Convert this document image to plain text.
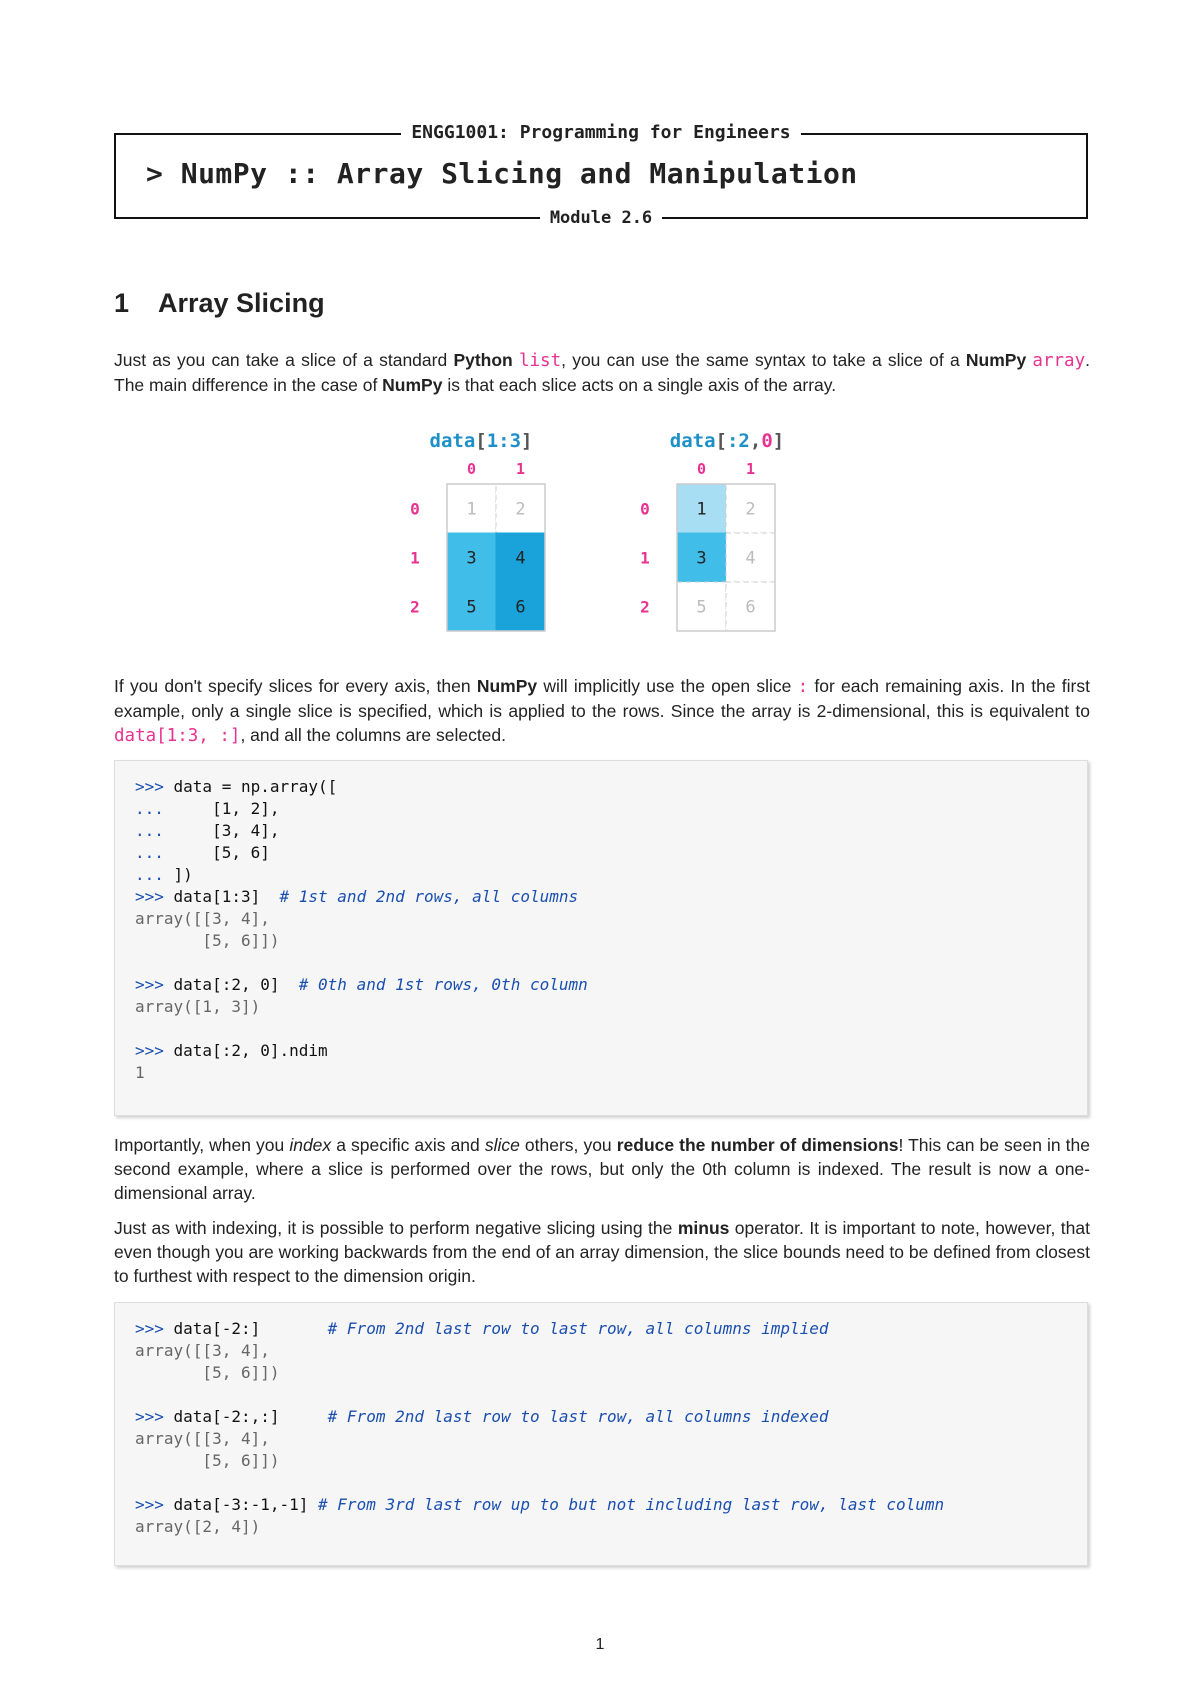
ENGG1001: Programming for Engineers
> NumPy :: Array Slicing and Manipulation
Module 2.6
1 Array Slicing
Just as you can take a slice of a standard Python list, you can use the same syntax to take a slice of a NumPy array. The main difference in the case of NumPy is that each slice acts on a single axis of the array.
data[1:3]	data[:2,0]
0	1
0
1
2
1 2
3 4
5 6
0	1
0
1
2
1 2
3 4
5 6
If you don't specify slices for every axis, then NumPy will implicitly use the open slice : for each remaining axis. In the first example, only a single slice is specified, which is applied to the rows. Since the array is 2-dimensional, this is equivalent to data[1:3, :], and all the columns are selected.
>>> data = np.array([
...     [1, 2],
...     [3, 4],
...     [5, 6]
... ])
>>> data[1:3]  # 1st and 2nd rows, all columns
array([[3, 4],
[5, 6]])
>>> data[:2, 0]  # 0th and 1st rows, 0th column
array([1, 3])
>>> data[:2, 0].ndim
1
Importantly, when you index a specific axis and slice others, you reduce the number of dimensions! This can be seen in the second example, where a slice is performed over the rows, but only the 0th column is indexed. The result is now a one-dimensional array.
Just as with indexing, it is possible to perform negative slicing using the minus operator. It is important to note, however, that even though you are working backwards from the end of an array dimension, the slice bounds need to be defined from closest to furthest with respect to the dimension origin.
>>> data[-2:]       # From 2nd last row to last row, all columns implied
array([[3, 4],
[5, 6]])
>>> data[-2:,:]     # From 2nd last row to last row, all columns indexed
array([[3, 4],
[5, 6]])
>>> data[-3:-1,-1] # From 3rd last row up to but not including last row, last column
array([2, 4])
1
